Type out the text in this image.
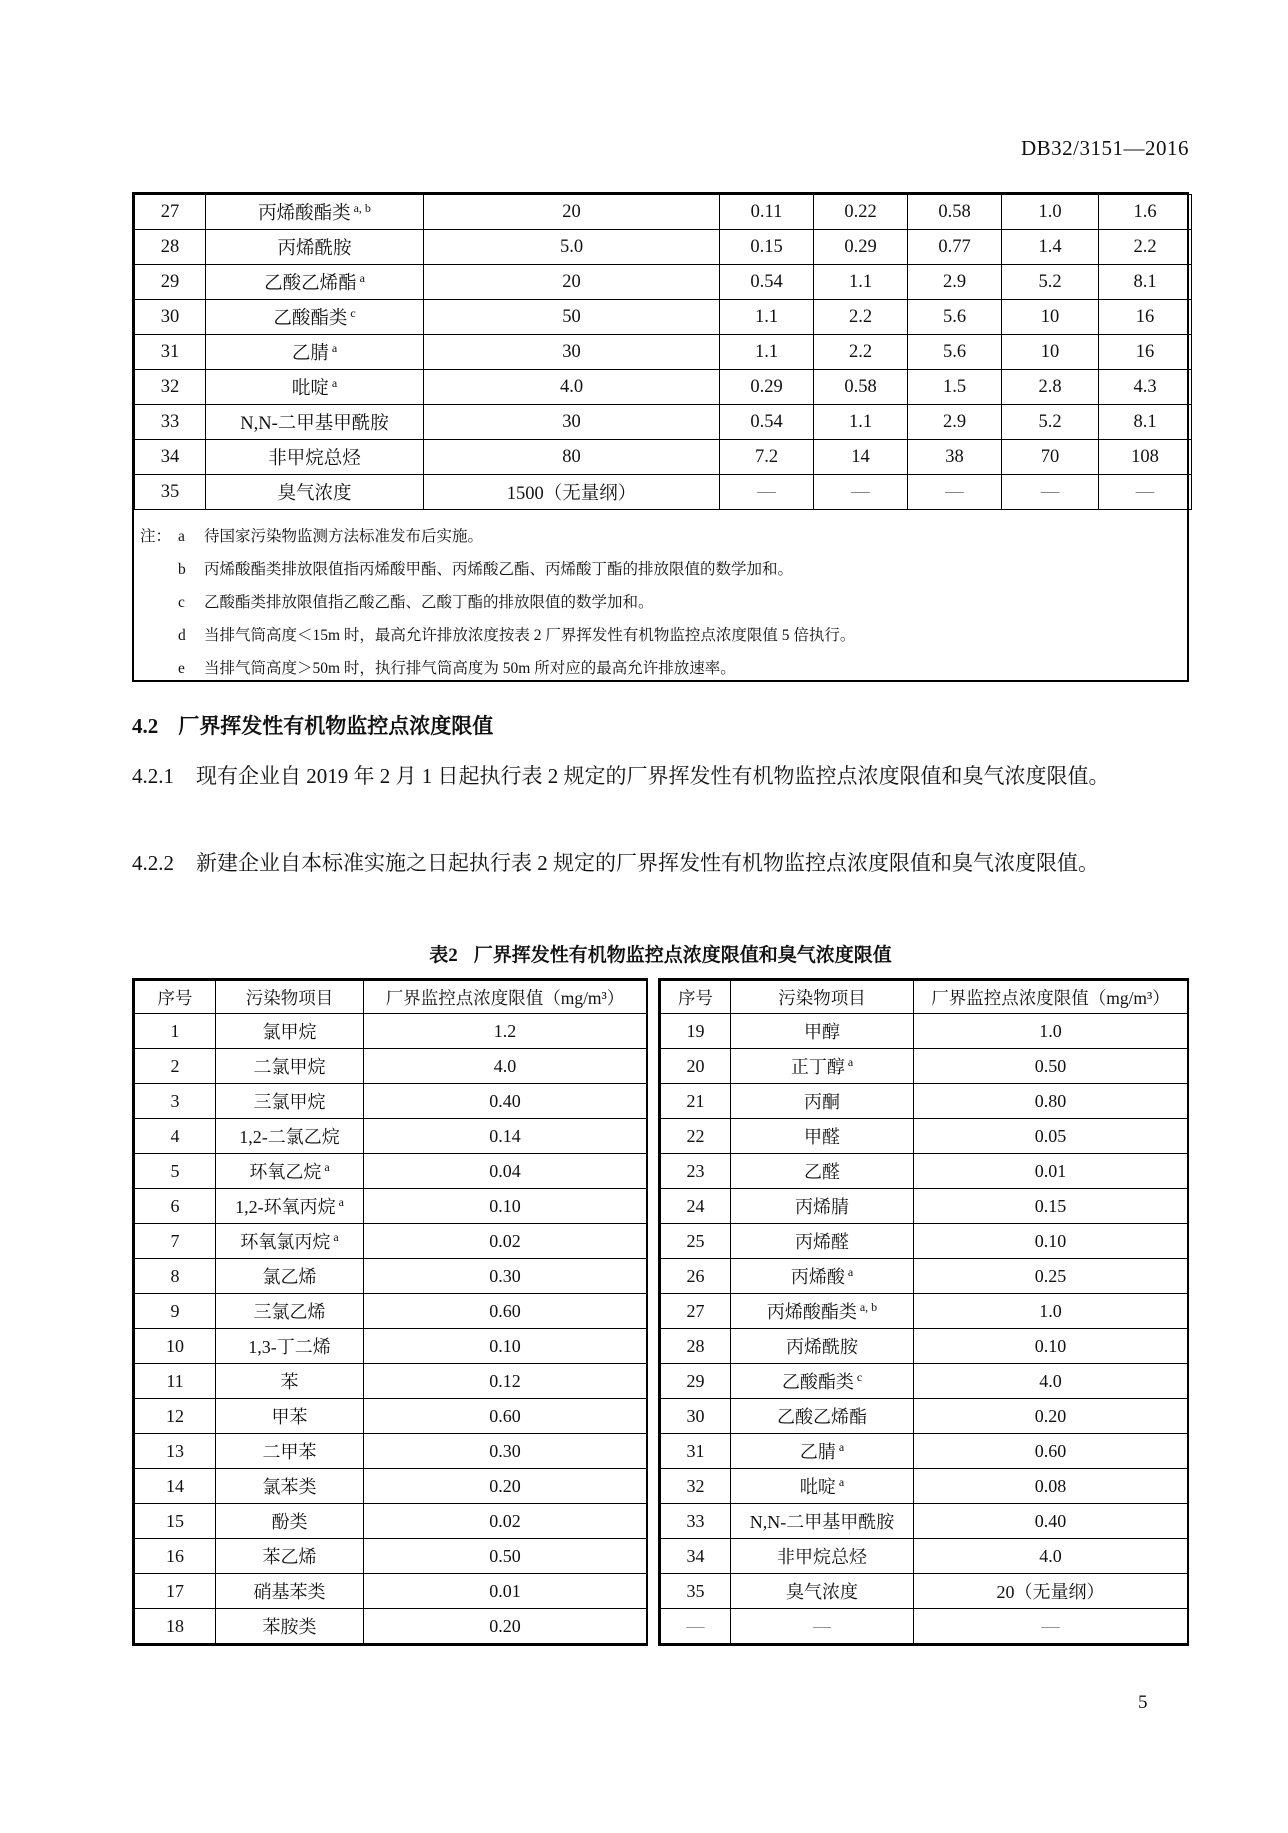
DB32/3151—2016
27	丙烯酸酯类 $^{a, b}$	20	0.11	0.22	0.58	1.0	1.6
28	丙烯酰胺	5.0	0.15	0.29	0.77	1.4	2.2
29	乙酸乙烯酯 $^a$	20	0.54	1.1	2.9	5.2	8.1
30	乙酸酯类 $^c$	50	1.1	2.2	5.6	10	16
31	乙腈 $^a$	30	1.1	2.2	5.6	10	16
32	吡啶 $^a$	4.0	0.29	0.58	1.5	2.8	4.3
33	N,N-二甲基甲酰胺	30	0.54	1.1	2.9	5.2	8.1
34	非甲烷总烃	80	7.2	14	38	70	108
35	臭气浓度	1500（无量纲）	—	—	—	—	—
注： a	待国家污染物监测方法标准发布后实施。
b	丙烯酸酯类排放限值指丙烯酸甲酯、丙烯酸乙酯、丙烯酸丁酯的排放限值的数学加和。
c	乙酸酯类排放限值指乙酸乙酯、乙酸丁酯的排放限值的数学加和。
d	当排气筒高度＜15m 时，最高允许排放浓度按表 2 厂界挥发性有机物监控点浓度限值 5 倍执行。
e	当排气筒高度＞50m 时，执行排气筒高度为 50m 所对应的最高允许排放速率。
4.2 厂界挥发性有机物监控点浓度限值
4.2.1 现有企业自 2019 年 2 月 1 日起执行表 2 规定的厂界挥发性有机物监控点浓度限值和臭气浓度限值。
4.2.2 新建企业自本标准实施之日起执行表 2 规定的厂界挥发性有机物监控点浓度限值和臭气浓度限值。
表2 厂界挥发性有机物监控点浓度限值和臭气浓度限值
序号	污染物项目	厂界监控点浓度限值（mg/m³）
1	氯甲烷	1.2
2	二氯甲烷	4.0
3	三氯甲烷	0.40
4	1,2-二氯乙烷	0.14
5	环氧乙烷 $^a$	0.04
6	1,2-环氧丙烷 $^a$	0.10
7	环氧氯丙烷 $^a$	0.02
8	氯乙烯	0.30
9	三氯乙烯	0.60
10	1,3-丁二烯	0.10
11	苯	0.12
12	甲苯	0.60
13	二甲苯	0.30
14	氯苯类	0.20
15	酚类	0.02
16	苯乙烯	0.50
17	硝基苯类	0.01
18	苯胺类	0.20
序号	污染物项目	厂界监控点浓度限值（mg/m³）
19	甲醇	1.0
20	正丁醇 $^a$	0.50
21	丙酮	0.80
22	甲醛	0.05
23	乙醛	0.01
24	丙烯腈	0.15
25	丙烯醛	0.10
26	丙烯酸 $^a$	0.25
27	丙烯酸酯类 $^{a, b}$	1.0
28	丙烯酰胺	0.10
29	乙酸酯类 $^c$	4.0
30	乙酸乙烯酯	0.20
31	乙腈 $^a$	0.60
32	吡啶 $^a$	0.08
33	N,N-二甲基甲酰胺	0.40
34	非甲烷总烃	4.0
35	臭气浓度	20（无量纲）
—	—	—
5
